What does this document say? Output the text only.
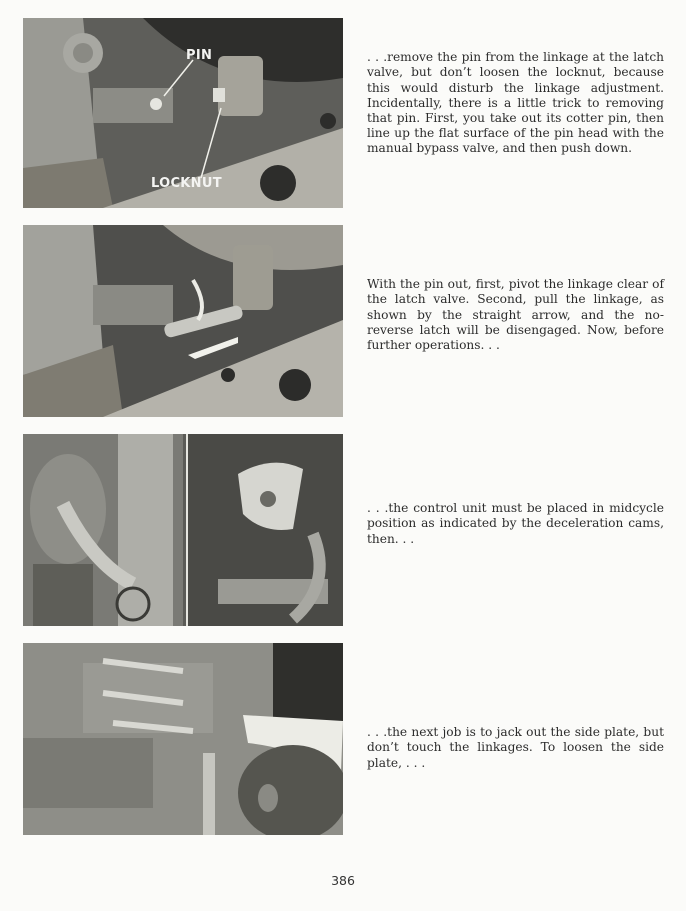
PIN
LOCKNUT

. . .remove the pin from the linkage at the latch valve, but don’t loosen the locknut, because this would disturb the linkage adjustment. Incidentally, there is a little trick to removing that pin. First, you take out its cotter pin, then line up the flat surface of the pin head with the manual bypass valve, and then push down.

With the pin out, first, pivot the linkage clear of the latch valve. Second, pull the linkage, as shown by the straight arrow, and the no-reverse latch will be disengaged. Now, before further operations. . .

. . .the control unit must be placed in midcycle position as indicated by the deceleration cams, then. . .

. . .the next job is to jack out the side plate, but don’t touch the linkages. To loosen the side plate, . . .

386
